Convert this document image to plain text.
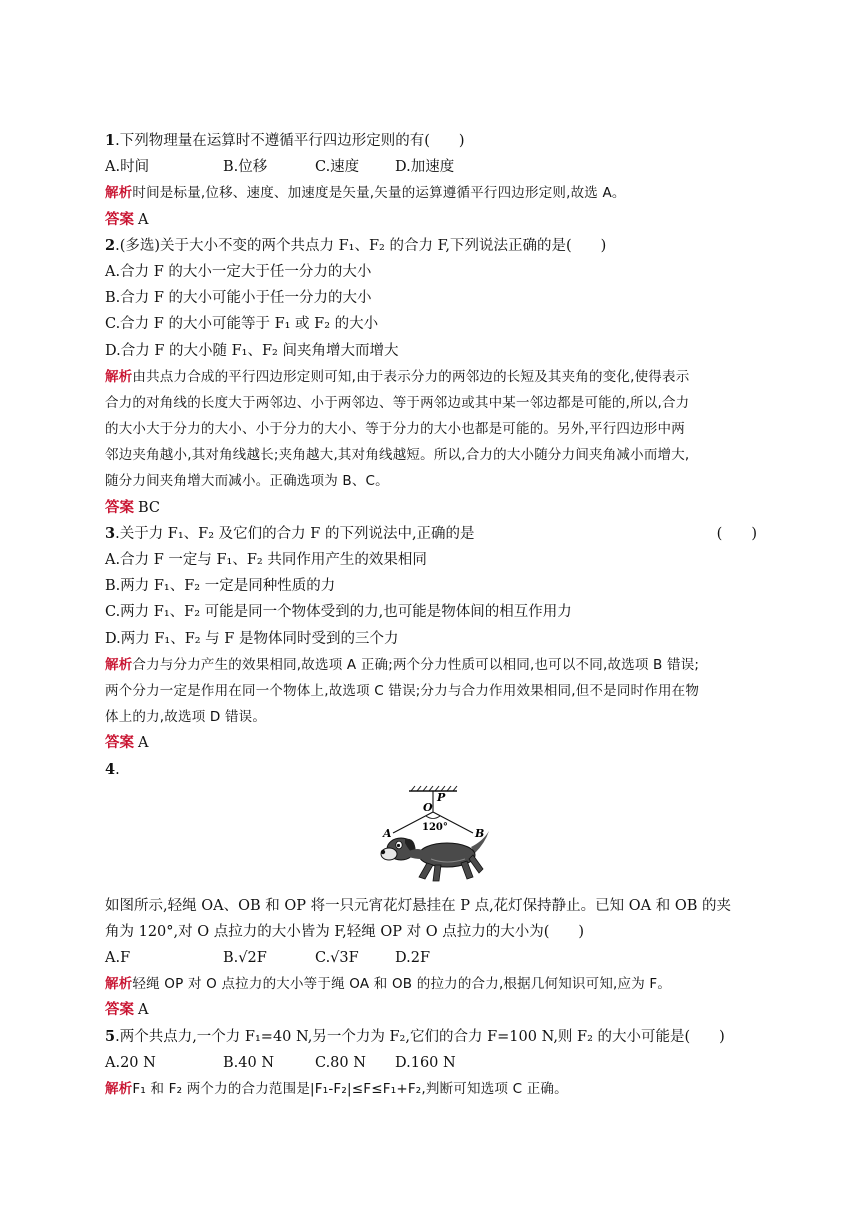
1.下列物理量在运算时不遵循平行四边形定则的有(　　)
A.时间	B.位移	C.速度	D.加速度
解析时间是标量,位移、速度、加速度是矢量,矢量的运算遵循平行四边形定则,故选 A。
答案 A
2.(多选)关于大小不变的两个共点力 F₁、F₂ 的合力 F,下列说法正确的是(　　)
A.合力 F 的大小一定大于任一分力的大小
B.合力 F 的大小可能小于任一分力的大小
C.合力 F 的大小可能等于 F₁ 或 F₂ 的大小
D.合力 F 的大小随 F₁、F₂ 间夹角增大而增大
解析由共点力合成的平行四边形定则可知,由于表示分力的两邻边的长短及其夹角的变化,使得表示
合力的对角线的长度大于两邻边、小于两邻边、等于两邻边或其中某一邻边都是可能的,所以,合力
的大小大于分力的大小、小于分力的大小、等于分力的大小也都是可能的。另外,平行四边形中两
邻边夹角越小,其对角线越长;夹角越大,其对角线越短。所以,合力的大小随分力间夹角减小而增大,
随分力间夹角增大而减小。正确选项为 B、C。
答案 BC
3.关于力 F₁、F₂ 及它们的合力 F 的下列说法中,正确的是	(　　)
A.合力 F 一定与 F₁、F₂ 共同作用产生的效果相同
B.两力 F₁、F₂ 一定是同种性质的力
C.两力 F₁、F₂ 可能是同一个物体受到的力,也可能是物体间的相互作用力
D.两力 F₁、F₂ 与 F 是物体同时受到的三个力
解析合力与分力产生的效果相同,故选项 A 正确;两个分力性质可以相同,也可以不同,故选项 B 错误;
两个分力一定是作用在同一个物体上,故选项 C 错误;分力与合力作用效果相同,但不是同时作用在物
体上的力,故选项 D 错误。
答案 A
4.
P
O
A	B
120°
如图所示,轻绳 OA、OB 和 OP 将一只元宵花灯悬挂在 P 点,花灯保持静止。已知 OA 和 OB 的夹
角为 120°,对 O 点拉力的大小皆为 F,轻绳 OP 对 O 点拉力的大小为(　　)
A.F	B.√2F	C.√3F	D.2F
解析轻绳 OP 对 O 点拉力的大小等于绳 OA 和 OB 的拉力的合力,根据几何知识可知,应为 F。
答案 A
5.两个共点力,一个力 F₁=40 N,另一个力为 F₂,它们的合力 F=100 N,则 F₂ 的大小可能是(　　)
A.20 N	B.40 N	C.80 N	D.160 N
解析F₁ 和 F₂ 两个力的合力范围是|F₁-F₂|≤F≤F₁+F₂,判断可知选项 C 正确。
